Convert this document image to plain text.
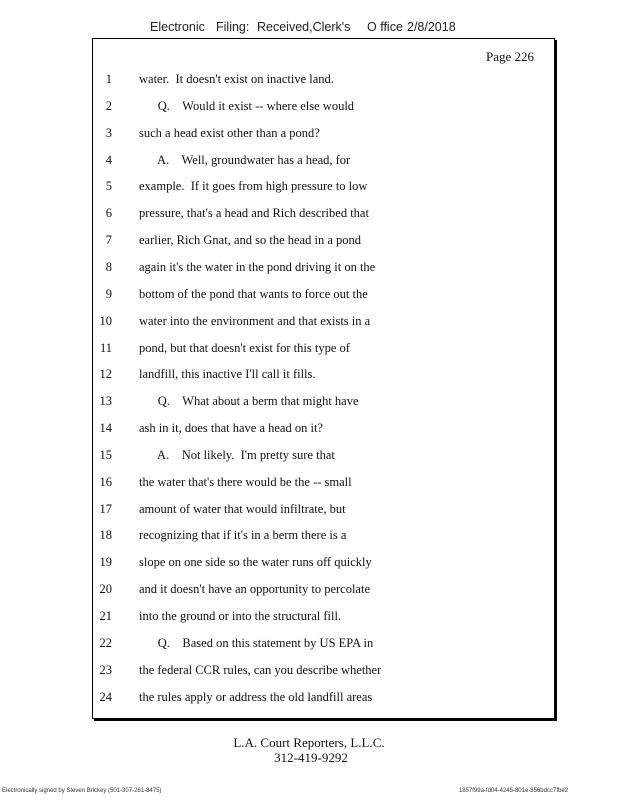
Electronic Filing: Received,Clerk's O ffice 2/8/2018
Page 226
1 water.  It doesn't exist on inactive land.
2 Q.    Would it exist -- where else would
3 such a head exist other than a pond?
4 A.    Well, groundwater has a head, for
5 example.  If it goes from high pressure to low
6 pressure, that's a head and Rich described that
7 earlier, Rich Gnat, and so the head in a pond
8 again it's the water in the pond driving it on the
9 bottom of the pond that wants to force out the
10 water into the environment and that exists in a
11 pond, but that doesn't exist for this type of
12 landfill, this inactive I'll call it fills.
13 Q.    What about a berm that might have
14 ash in it, does that have a head on it?
15 A.    Not likely.  I'm pretty sure that
16 the water that's there would be the -- small
17 amount of water that would infiltrate, but
18 recognizing that if it's in a berm there is a
19 slope on one side so the water runs off quickly
20 and it doesn't have an opportunity to percolate
21 into the ground or into the structural fill.
22 Q.    Based on this statement by US EPA in
23 the federal CCR rules, can you describe whether
24 the rules apply or address the old landfill areas
L.A. Court Reporters, L.L.C.
312-419-9292
Electronically signed by Steven Brickey (501-307-261-8475)	1857f99a-fd04-4245-801e-856bdcc7fbe2
